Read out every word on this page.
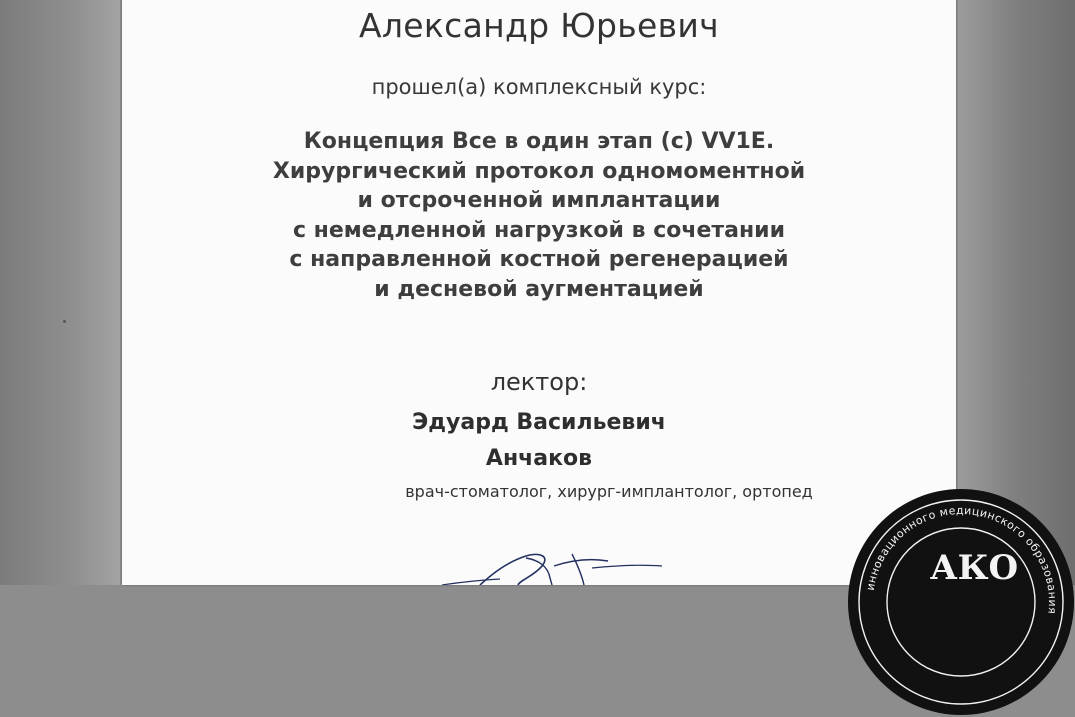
Александр Юрьевич

прошел(а) комплексный курс:

Концепция Все в один этап (с) VV1E.
Хирургический протокол одномоментной
и отсроченной имплантации
с немедленной нагрузкой в сочетании
с направленной костной регенерацией
и десневой аугментацией

лектор:

Эдуард Васильевич
Анчаков

врач-стоматолог, хирург-имплантолог, ортопед

инновационного медицинского образования
АКО
